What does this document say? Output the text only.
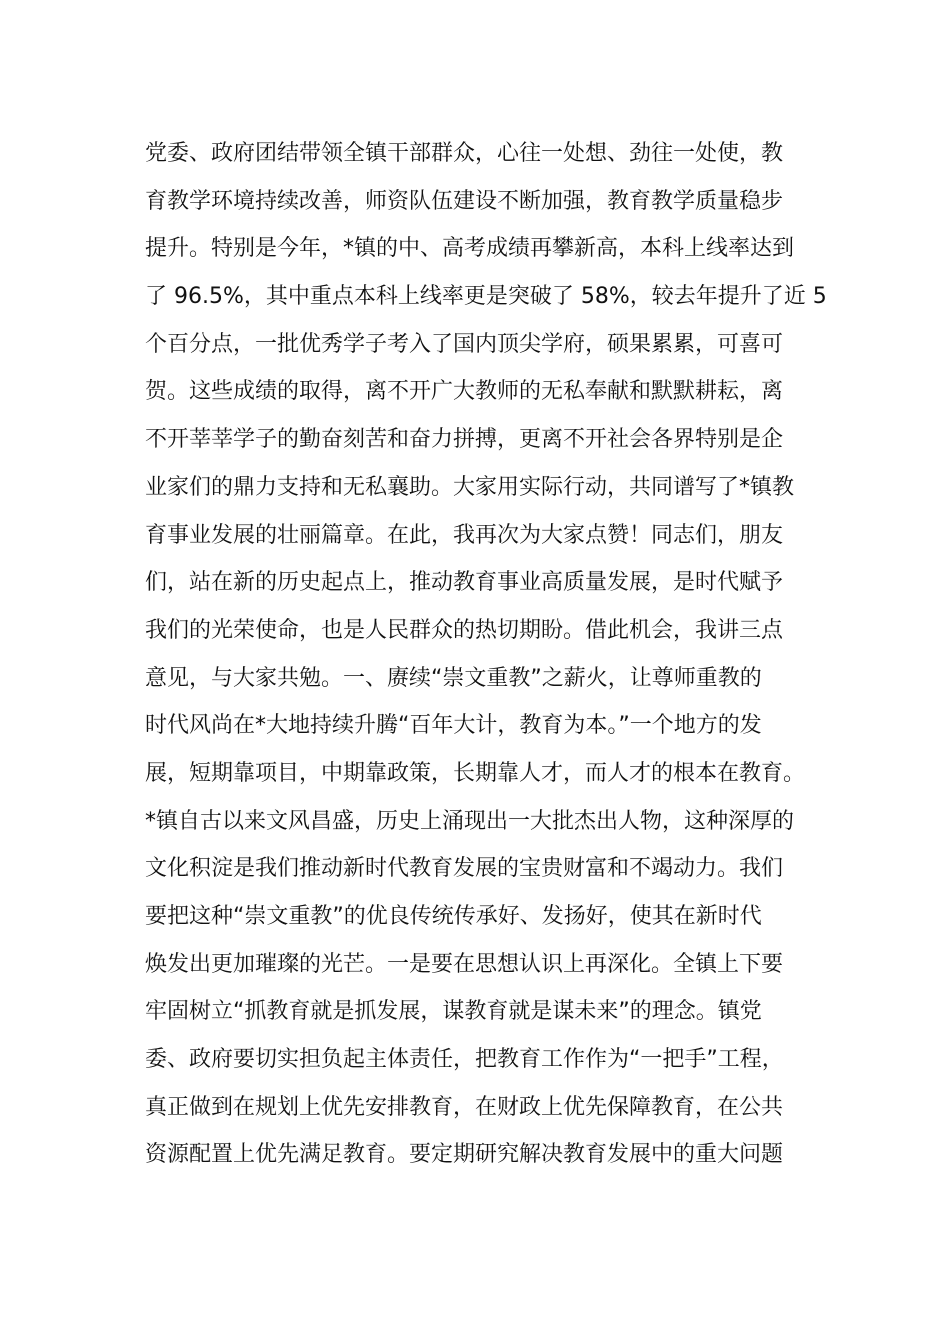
党委、政府团结带领全镇干部群众，心往一处想、劲往一处使，教
育教学环境持续改善，师资队伍建设不断加强，教育教学质量稳步
提升。特别是今年，*镇的中、高考成绩再攀新高，本科上线率达到
了 96.5%，其中重点本科上线率更是突破了 58%，较去年提升了近 5
个百分点，一批优秀学子考入了国内顶尖学府，硕果累累，可喜可
贺。这些成绩的取得，离不开广大教师的无私奉献和默默耕耘，离
不开莘莘学子的勤奋刻苦和奋力拼搏，更离不开社会各界特别是企
业家们的鼎力支持和无私襄助。大家用实际行动，共同谱写了*镇教
育事业发展的壮丽篇章。在此，我再次为大家点赞！同志们，朋友
们，站在新的历史起点上，推动教育事业高质量发展，是时代赋予
我们的光荣使命，也是人民群众的热切期盼。借此机会，我讲三点
意见，与大家共勉。一、赓续“崇文重教”之薪火，让尊师重教的
时代风尚在*大地持续升腾“百年大计，教育为本。”一个地方的发
展，短期靠项目，中期靠政策，长期靠人才，而人才的根本在教育。
*镇自古以来文风昌盛，历史上涌现出一大批杰出人物，这种深厚的
文化积淀是我们推动新时代教育发展的宝贵财富和不竭动力。我们
要把这种“崇文重教”的优良传统传承好、发扬好，使其在新时代
焕发出更加璀璨的光芒。一是要在思想认识上再深化。全镇上下要
牢固树立“抓教育就是抓发展，谋教育就是谋未来”的理念。镇党
委、政府要切实担负起主体责任，把教育工作作为“一把手”工程，
真正做到在规划上优先安排教育，在财政上优先保障教育，在公共
资源配置上优先满足教育。要定期研究解决教育发展中的重大问题
